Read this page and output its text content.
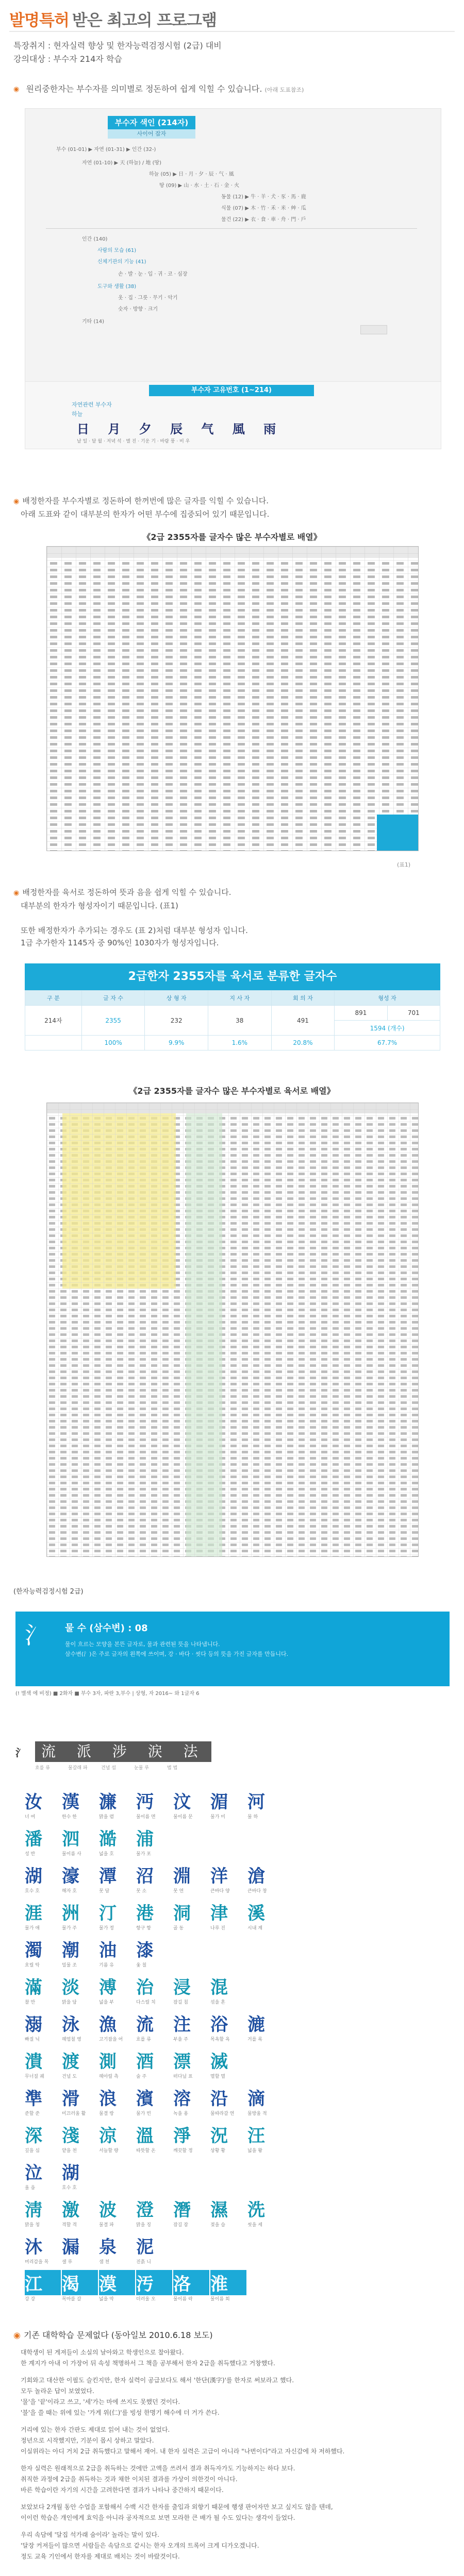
발명특허 받은 최고의 프로그램
특장취지 : 현자실력 향상 및 한자능력검정시험 (2급) 대비
강의대상 : 부수자 214자 학습
◉ 원리중한자는 부수자를 의미별로 정돈하여 쉽게 익힐 수 있습니다. (아래 도표참조)
부수자 색인 (214자)
사이어 잡자
부수 (01-01) ▶ 자연 (01-31) ▶ 인간 (32-)
자연 (01-10) ▶ 天 (하늘) / 地 (땅)
하늘 (05) ▶ 日 · 月 · 夕 · 辰 · 气 · 風
땅 (09) ▶ 山 · 水 · 土 · 石 · 金 · 火
동물 (12) ▶ 牛 · 羊 · 犬 · 豕 · 馬 · 鹿
식물 (07) ▶ 木 · 竹 · 禾 · 米 · 艸 · 瓜
물건 (22) ▶ 衣 · 食 · 車 · 舟 · 門 · 戶
인간 (140)
사람의 모습 (61)
신체기관의 기능 (41)
손 · 발 · 눈 · 입 · 귀 · 코 · 심장
도구와 생활 (38)
옷 · 집 · 그릇 · 무기 · 악기
숫자 · 방향 · 크기
기타 (14)
부수자 고유번호 (1~214)
자연관련 부수자
하늘
日 月 夕 辰 气 風 雨
날 일 · 달 월 · 저녁 석 · 별 진 · 기운 기 · 바람 풍 · 비 우
◉ 배정한자를 부수자별로 정돈하여 한꺼번에 많은 글자를 익힐 수 있습니다.
아래 도표와 같이 대부분의 한자가 어떤 부수에 집중되어 있기 때문입니다.
《2급 2355자를 글자수 많은 부수자별로 배열》
(표1)
◉ 배정한자를 육서로 정돈하여 뜻과 음을 쉽게 익힐 수 있습니다.
대부분의 한자가 형성자이기 때문입니다. (표1)
또한 배정한자가 추가되는 경우도 (표 2)처럼 대부분 형성자 입니다.
1급 추가한자 1145자 중 90%인 1030자가 형성자입니다.
2급한자 2355자를 육서로 분류한 글자수
구 분	글 자 수	상 형 자	지 사 자	회 의 자	형성 자	
214자	2355	232	38	491	891	701
					1594 (개수)	
	100%	9.9%	1.6%	20.8%	67.7%	
《2급 2355자를 글자수 많은 부수자별로 육서로 배열》
(한자능력검정시험 2급)
氵 물 수 (삼수변) : 08
물이 흐르는 모양을 본뜬 글자로, 물과 관련된 뜻을 나타냅니다.
삼수변(氵)은 주로 글자의 왼쪽에 쓰이며, 강 · 바다 · 씻다 등의 뜻을 가진 글자를 만듭니다.
(! 별색 에 비정) ■ 2화자 ■ 부수 3자, 파란 3,부수 | 상형, 자 2016~ 와 1글자 6
氵	流 派 涉 涙 法
흐를 류	물갈래 파	건널 섭	눈물 루	법 법
汝
너 여
漢
한수 한
濂
맑을 렴
沔
물이름 면
汶
물이름 문
湄
물가 미
河
물 하
潘
성 반
泗
물이름 사
澔
넓을 호
浦
물가 포
湖
호수 호
濠
해자 호
潭
못 담
沼
못 소
淵
못 연
洋
큰바다 양
滄
큰바다 창
涯
물가 애
洲
물가 주
汀
물가 정
港
항구 항
洞
골 동
津
나루 진
溪
시내 계
濁
흐릴 탁
潮
밀물 조
油
기름 유
漆
옻 칠
滿
찰 만
淡
맑을 담
溥
넓을 부
治
다스릴 치
浸
잠길 침
混
섞을 혼
溺
빠질 닉
泳
헤엄칠 영
漁
고기잡을 어
流
흐를 류
注
부을 주
浴
목욕할 욕
漉
거를 록
潰
무너질 궤
渡
건널 도
測
헤아릴 측
酒
술 주
漂
떠다닐 표
滅
멸할 멸
準
준할 준
滑
미끄러울 활
浪
물결 랑
濱
물가 빈
溶
녹을 용
沿
물따라갈 연
滴
물방울 적
深
깊을 심
淺
얕을 천
涼
서늘할 량
溫
따뜻할 온
淨
깨끗할 정
況
상황 황
汪
넓을 왕
泣
울 읍
湖
호수 호
淸
맑을 청
激
격할 격
波
물결 파
澄
맑을 징
潛
잠길 잠
濕
젖을 습
洗
씻을 세
沐
머리감을 목
漏
샐 루
泉
샘 천
泥
진흙 니
江
강 강
渴
목마를 갈
漠
넓을 막
汚
더러울 오
洛
물이름 락
淮
물이름 회
◉ 기존 대학학습 문제없다 (동아일보 2010.6.18 보도)
대학생이 된 게져들이 소실의 날아와고 학생인으로 찰아왔다.
한 계지가 아내 이 가장어 뒤 속성 책명하서 그 책을 공부해서 한자 2급을 취득했다고 거창했다.
기회와고 대산한 이필도 슬킨지만, 한자 실력이 공급보다도 해서 '한단(漢字)'를 한자로 써보라고 했다.
모두 놀라운 답이 보였었다.
'물'을 '끝'이라고 쓰고, '세'가는 마에 쓰지도 못했던 것이다.
'불'을 쓸 때는 위에 있는 '가게 위(仁)'를 빙성 한명기 해수에 더 거가 쓴다.
거리에 있는 한자 간판도 제대로 읽어 내는 것이 없었다.
정년으로 시작했지만, 기분이 몹시 상하고 말았다.
이실위라는 아디 거치 2급 취득했다고 말해서 재어. 내 한자 실력은 고급이 아니라 "나번이다"라고 자신감에 차 저하했다.
한자 실력은 원래적으로 2급을 취득하는 것에만 고액을 쓰려서 결과 취득자가도 기능하지는 하다 보다.
취직한 과정에 2급을 취득하는 것과 채한 이치된 결과를 가상이 의한것이 아니다.
바른 학습이란 자기의 시간을 고려한다면 결과가 나타나 중간하지 때문이다.
보았보다 2개월 동안 수업을 포함해서 수백 시간 한자를 출입과 외향기 때문에 행생 판어자만 보고 싶지도 않을 텐데,
이이런 학습은 개인에게 효익을 아니라 공자적으로 보면 모라한 큰 배가 될 수도 있다는 생각이 들었다.
우리 속담에 '달집 석가래 숨이라' 놀라는 말이 있다.
'달장 커져들이 많으면 서람들은 속담으로 같시는 한자 오개의 트록어 크게 디가오겠니다.
정도 교육 기인에서 한자를 제대로 배치는 것이 바랐것이다.
